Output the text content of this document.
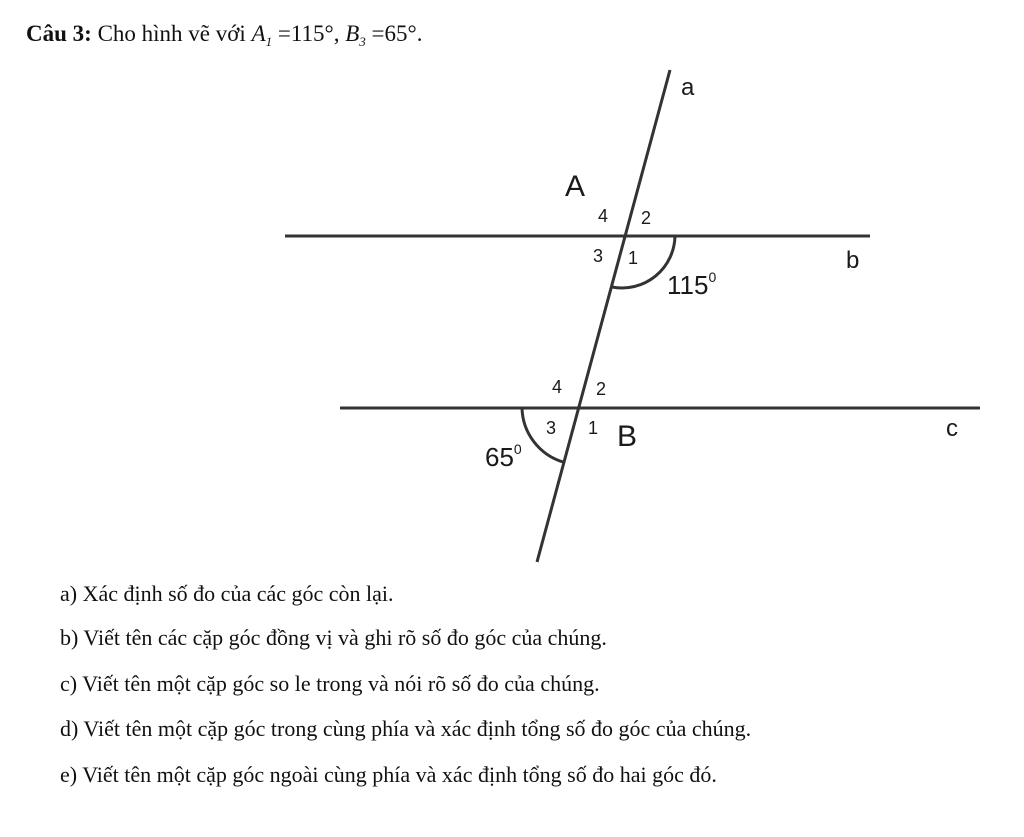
Câu 3: Cho hình vẽ với $A_1 =115^\circ$, $B_3 =65^\circ$.
a
b
c
A
B
1
2
3
4
1
2
3
4
$115^0$
$65^0$
a) Xác định số đo của các góc còn lại.
b) Viết tên các cặp góc đồng vị và ghi rõ số đo góc của chúng.
c) Viết tên một cặp góc so le trong và nói rõ số đo của chúng.
d) Viết tên một cặp góc trong cùng phía và xác định tổng số đo góc của chúng.
e) Viết tên một cặp góc ngoài cùng phía và xác định tổng số đo hai góc đó.
